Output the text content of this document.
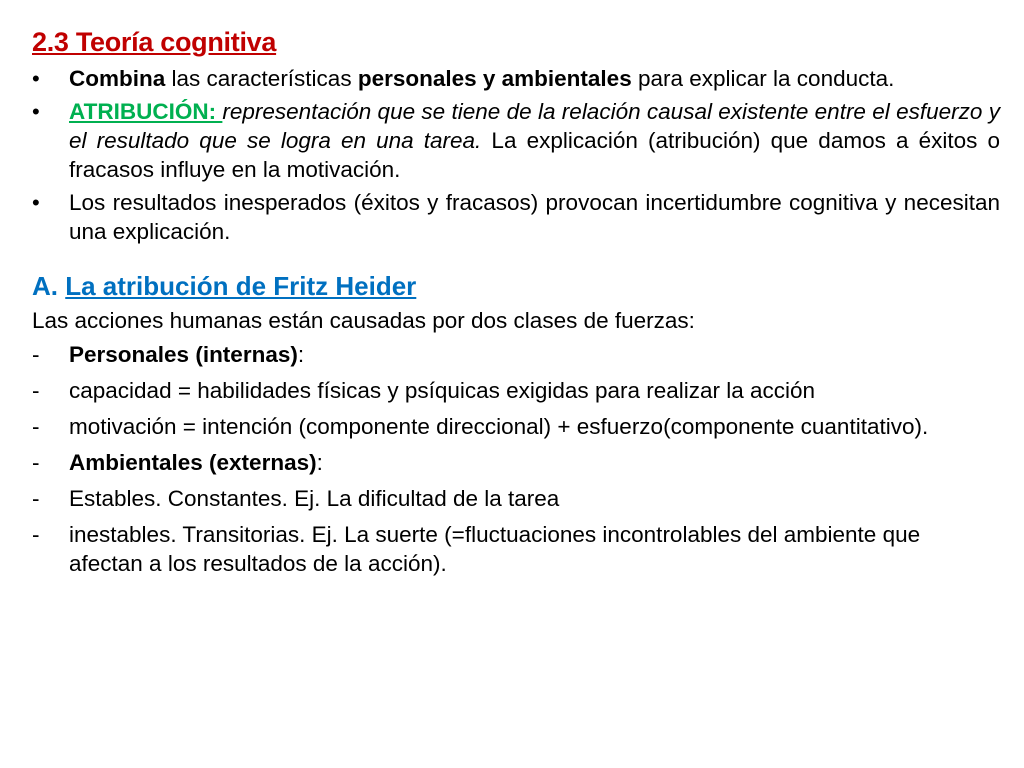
2.3 Teoría cognitiva
• Combina las características personales y ambientales para explicar la conducta.
• ATRIBUCIÓN: representación que se tiene de la relación causal existente entre el esfuerzo y el resultado que se logra en una tarea. La explicación (atribución) que damos a éxitos o fracasos influye en la motivación.
• Los resultados inesperados (éxitos y fracasos) provocan incertidumbre cognitiva y necesitan una explicación.
A. La atribución de Fritz Heider

Las acciones humanas están causadas por dos clases de fuerzas:

- Personales (internas):
- capacidad = habilidades físicas y psíquicas exigidas para realizar la acción
- motivación = intención (componente direccional) + esfuerzo(componente cuantitativo).
- Ambientales (externas):
- Estables. Constantes. Ej. La dificultad de la tarea
- inestables. Transitorias. Ej. La suerte (=fluctuaciones incontrolables del ambiente que afectan a los resultados de la acción).
